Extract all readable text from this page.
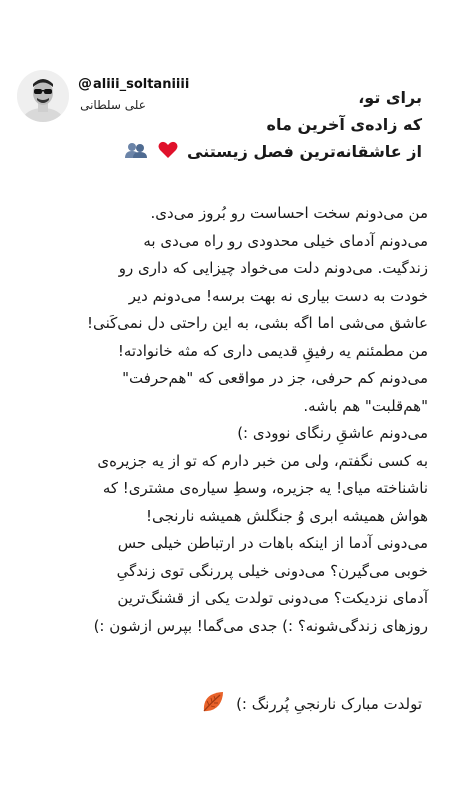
@aliii_soltaniiii
علی سلطانی	برای تو،
که زاده‌ی آخرین ماه
از عاشقانه‌ترین فصل زیستنی
من می‌دونم سخت احساست رو بُروز می‌دی.
می‌دونم آدمای خیلی محدودی رو راه می‌دی به
زندگیت. می‌دونم دلت می‌خواد چیزایی که داری رو
خودت به دست بیاری نه بهت برسه! می‌دونم دیر
عاشق می‌شی اما اگه بشی، به این راحتی دل نمی‌کَنی!
من مطمئنم یه رفیقِ قدیمی داری که مثه خانوادته!
می‌دونم کم حرفی، جز در مواقعی که "هم‌حرفت"
"هم‌قلبت" هم باشه.
می‌دونم عاشقِ رنگای نوودی :)
به کسی نگفتم، ولی من خبر دارم که تو از یه جزیره‌ی
ناشناخته میای! یه جزیره، وسطِ سیاره‌ی مشتری! که
هواش همیشه ابری وُ جنگلش همیشه نارنجی!
می‌دونی آدما از اینکه باهات در ارتباطن خیلی حس
خوبی می‌گیرن؟ می‌دونی خیلی پررنگی توی زندگیِ
آدمای نزدیکت؟ می‌دونی تولدت یکی از قشنگ‌ترین
روزهای زندگی‌شونه؟ :) جدی می‌گما! بپرس ازشون :)
تولدت مبارک نارنجیِ پُررنگ :)
